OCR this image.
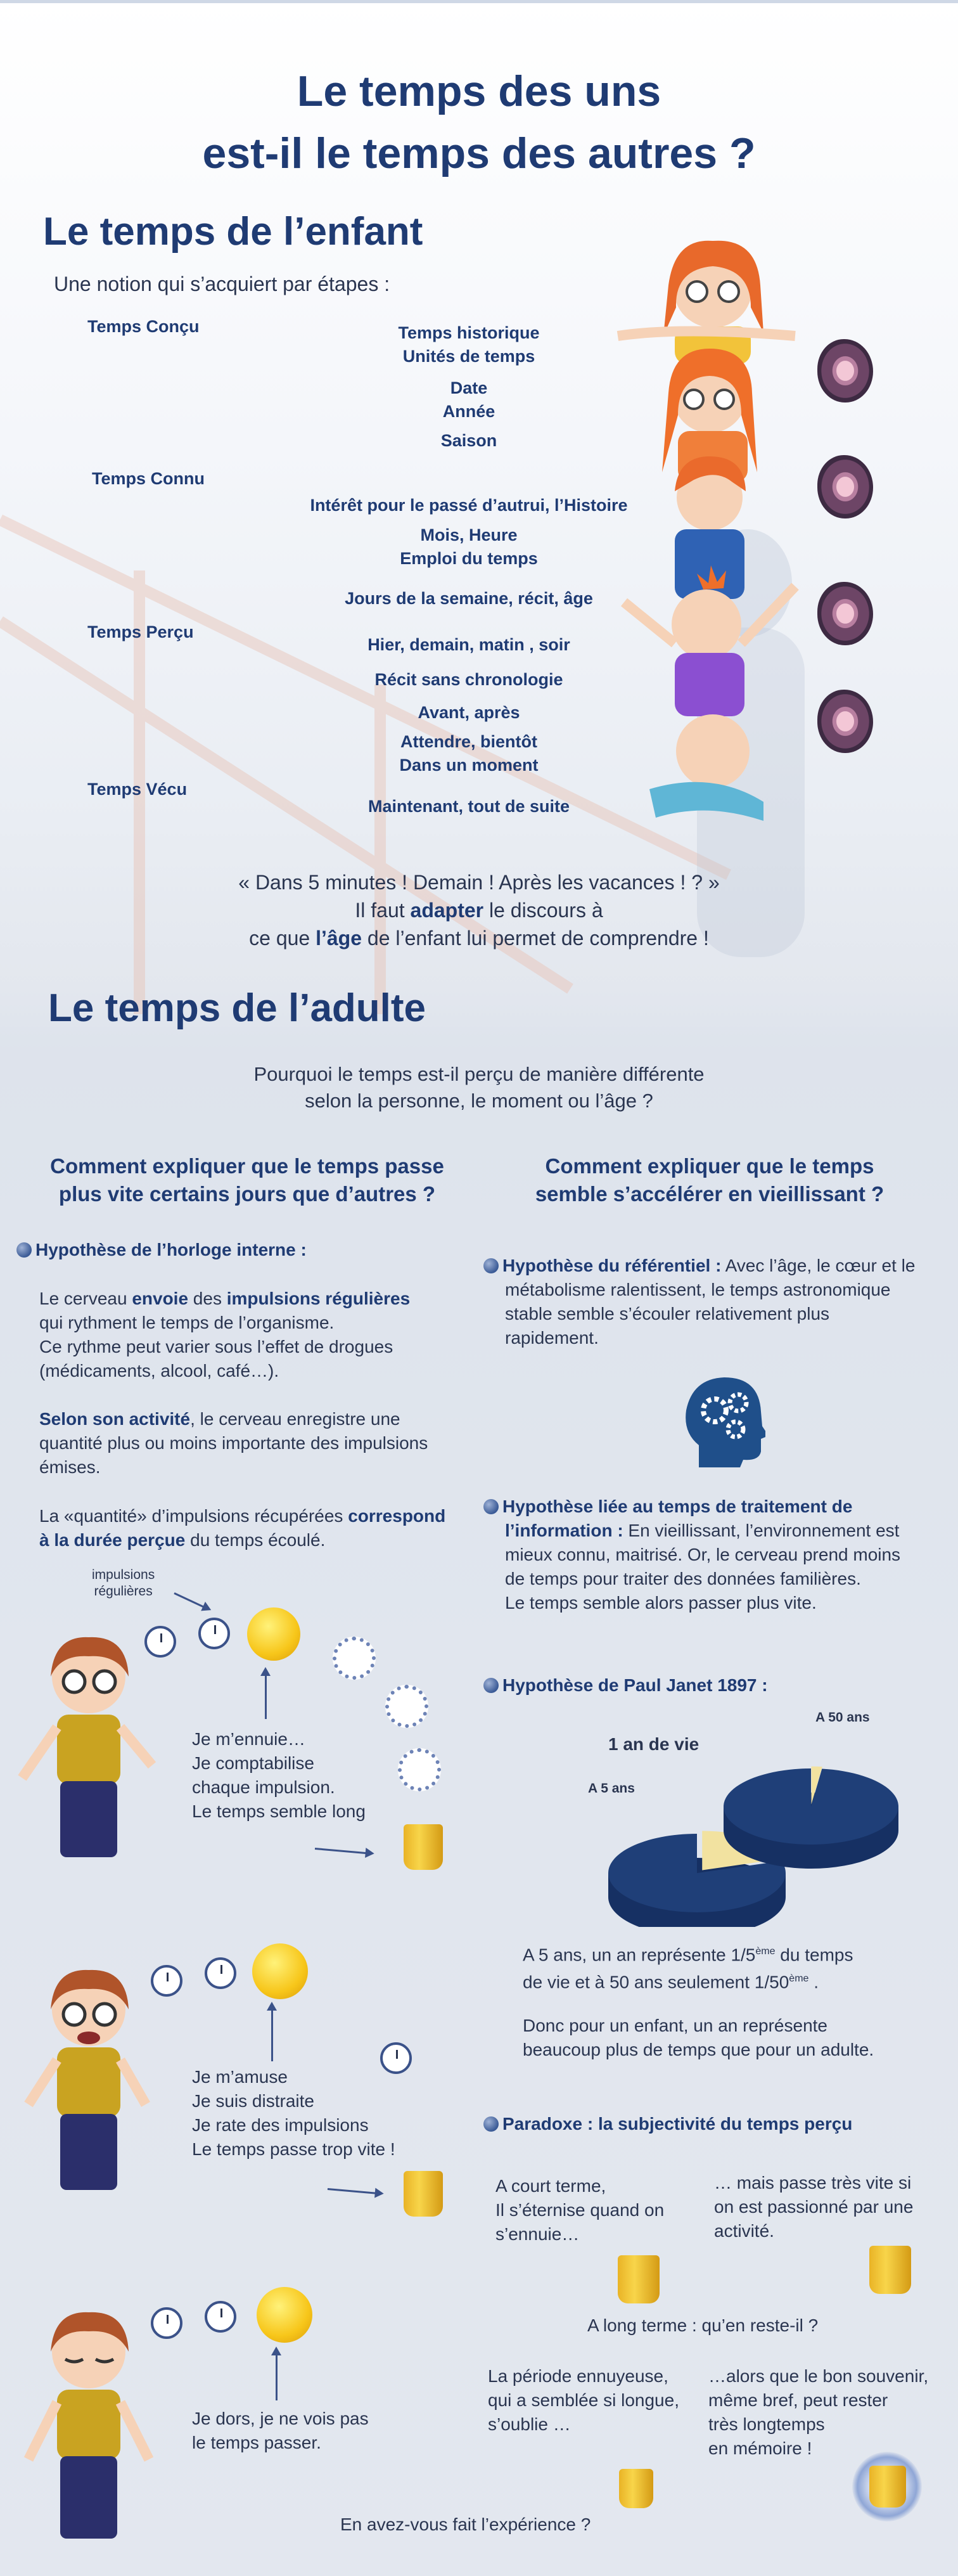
Le temps des uns
est-il le temps des autres ?
Le temps de l’enfant
Une notion qui s’acquiert par étapes :
Temps Conçu
Temps Connu
Temps Perçu
Temps Vécu
Temps historique
Unités de temps
Date
Année
Saison
Intérêt pour le passé d’autrui, l’Histoire
Mois, Heure
Emploi du temps
Jours de la semaine, récit, âge
Hier, demain, matin , soir
Récit sans chronologie
Avant, après
Attendre, bientôt
Dans un moment
Maintenant, tout de suite
« Dans 5 minutes ! Demain ! Après les vacances ! ? »
Il faut adapter le discours à
ce que l’âge de l’enfant lui permet de comprendre !
Le temps de l’adulte
Pourquoi le temps est-il perçu de manière différente
selon la personne, le moment ou l’âge ?
Comment expliquer que le temps passe
plus vite certains jours que d’autres ?
Comment expliquer que le temps
semble s’accélérer en vieillissant ?
Hypothèse de l’horloge interne :
Le cerveau envoie des impulsions régulières
qui rythment le temps de l’organisme.
Ce rythme peut varier sous l’effet de drogues
(médicaments, alcool, café…).
Selon son activité, le cerveau enregistre une
quantité plus ou moins importante des impulsions
émises.
La «quantité» d’impulsions récupérées correspond
à la durée perçue du temps écoulé.
impulsions
régulières
Je m’ennuie…
Je comptabilise
chaque impulsion.
Le temps semble long
Je m’amuse
Je suis distraite
Je rate des impulsions
Le temps passe trop vite !
Je dors, je ne vois pas
le temps passer.
En avez-vous fait l’expérience ?
Hypothèse du référentiel : Avec l’âge, le cœur et le
métabolisme ralentissent, le temps astronomique
stable semble s’écouler relativement plus
rapidement.
Hypothèse liée au temps de traitement de
l’information : En vieillissant, l’environnement est
mieux connu, maitrisé. Or, le cerveau prend moins
de temps pour traiter des données familières.
Le temps semble alors passer plus vite.
Hypothèse de Paul Janet 1897 :
1 an de vie
A 5 ans
A 50 ans
A 5 ans, un an représente 1/5ème du temps
de vie et à 50 ans seulement 1/50ème .
Donc pour un enfant, un an représente
beaucoup plus de temps que pour un adulte.
Paradoxe : la subjectivité du temps perçu
A court terme,
Il s’éternise quand on
s’ennuie…
… mais passe très vite si
on est passionné par une
activité.
A long terme : qu’en reste-il ?
La période ennuyeuse,
qui a semblée si longue,
s’oublie …
…alors que le bon souvenir,
même bref, peut rester
très longtemps
en mémoire !
